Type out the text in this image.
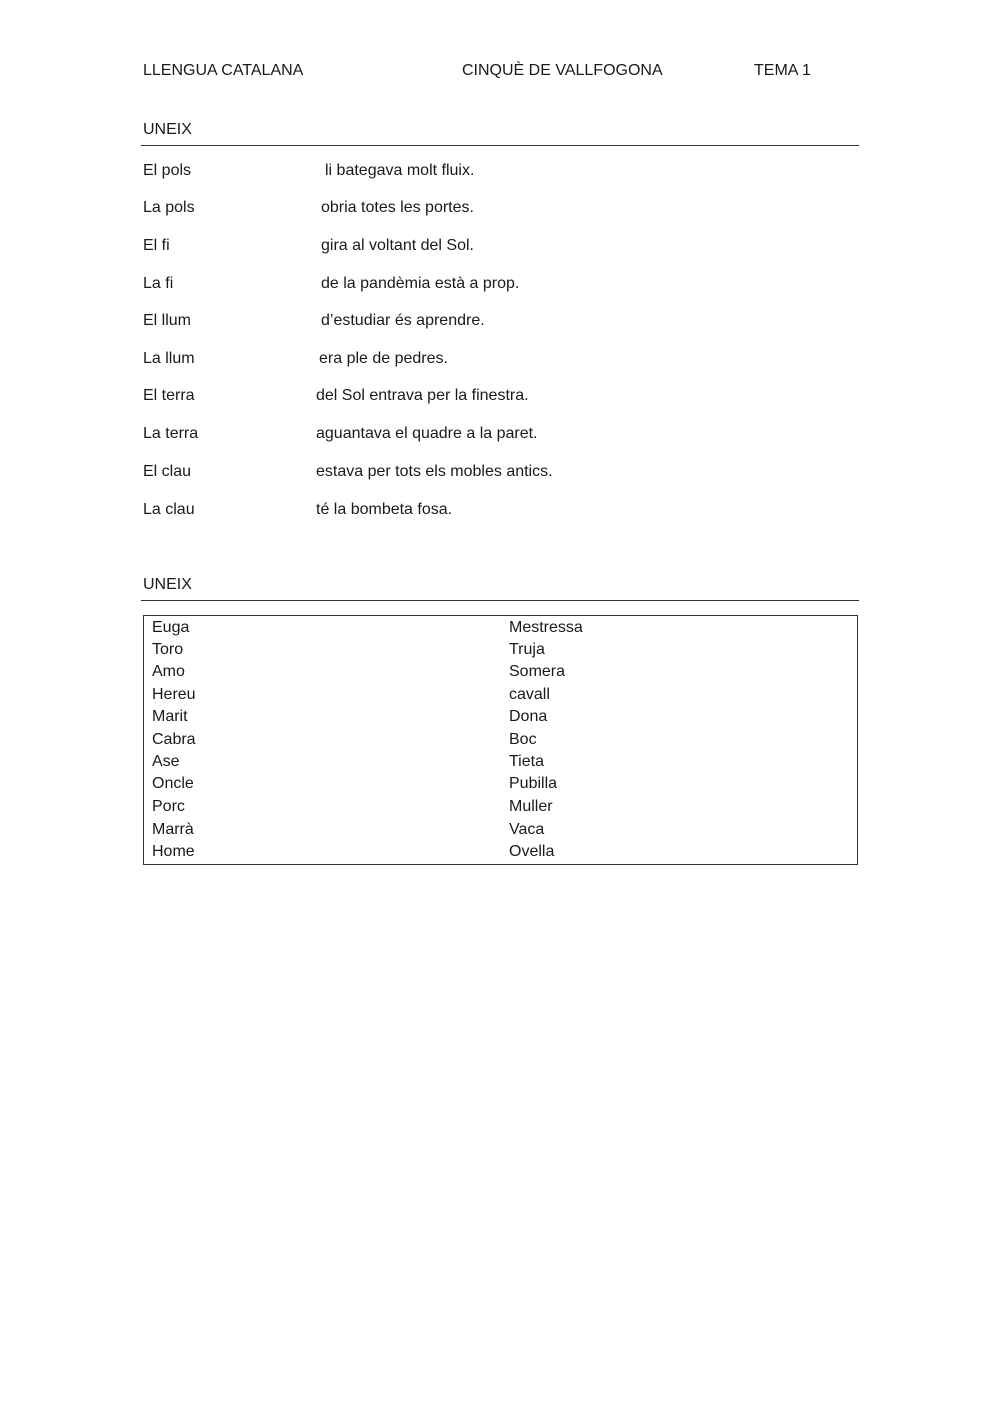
LLENGUA CATALANA	CINQUÈ DE VALLFOGONA	TEMA 1
UNEIX
El pols	li bategava molt fluix.
La pols	obria totes les portes.
El fi	gira al voltant del Sol.
La fi	de la pandèmia està a prop.
El llum	d’estudiar és aprendre.
La llum	era ple de pedres.
El terra	del Sol entrava per la finestra.
La terra	aguantava el quadre a la paret.
El clau	estava per tots els mobles antics.
La clau	té la bombeta fosa.
UNEIX
Euga	Mestressa
Toro	Truja
Amo	Somera
Hereu	cavall
Marit	Dona
Cabra	Boc
Ase	Tieta
Oncle	Pubilla
Porc	Muller
Marrà	Vaca
Home	Ovella
